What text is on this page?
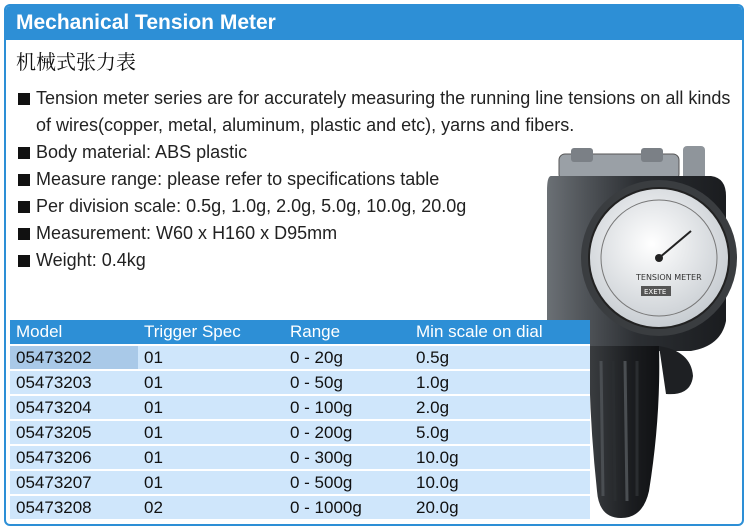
Mechanical Tension Meter
机械式张力表
Tension meter series are for accurately measuring the running line tensions on all kinds of wires(copper, metal, aluminum, plastic and etc), yarns and fibers.
Body material: ABS plastic
Measure range: please refer to specifications table
Per division scale: 0.5g, 1.0g, 2.0g, 5.0g, 10.0g, 20.0g
Measurement: W60 x H160 x D95mm
Weight: 0.4kg
TENSION METER
EXETE
Model	Trigger Spec	Range	Min scale on dial
05473202	01	0 - 20g	0.5g
05473203	01	0 - 50g	1.0g
05473204	01	0 - 100g	2.0g
05473205	01	0 - 200g	5.0g
05473206	01	0 - 300g	10.0g
05473207	01	0 - 500g	10.0g
05473208	02	0 - 1000g	20.0g
